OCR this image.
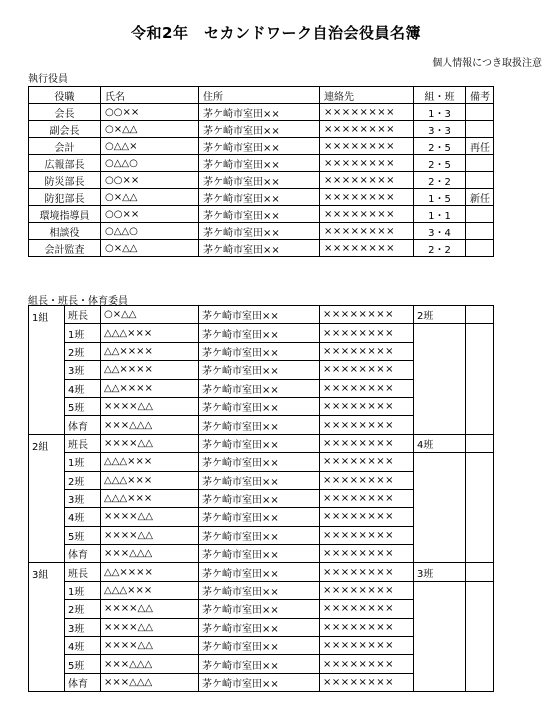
令和2年　セカンドワーク自治会役員名簿
個人情報につき取扱注意
執行役員
役職	氏名	住所	連絡先	組・班	備考
会長	○○××	茅ケ崎市室田××	××××××××	1・3	
副会長	○×△△	茅ケ崎市室田××	××××××××	3・3	
会計	○△△×	茅ケ崎市室田××	××××××××	2・5	再任
広報部長	○△△○	茅ケ崎市室田××	××××××××	2・5	
防災部長	○○××	茅ケ崎市室田××	××××××××	2・2	
防犯部長	○×△△	茅ケ崎市室田××	××××××××	1・5	新任
環境指導員	○○××	茅ケ崎市室田××	××××××××	1・1	
相談役	○△△○	茅ケ崎市室田××	××××××××	3・4	
会計監査	○×△△	茅ケ崎市室田××	××××××××	2・2	
組長・班長・体育委員
1組	班長	○×△△	茅ケ崎市室田××	××××××××	2班	
	1班	△△△×××	茅ケ崎市室田××	××××××××		
	2班	△△××××	茅ケ崎市室田××	××××××××		
	3班	△△××××	茅ケ崎市室田××	××××××××		
	4班	△△××××	茅ケ崎市室田××	××××××××		
	5班	××××△△	茅ケ崎市室田××	××××××××		
	体育	×××△△△	茅ケ崎市室田××	××××××××		
2組	班長	××××△△	茅ケ崎市室田××	××××××××	4班	
	1班	△△△×××	茅ケ崎市室田××	××××××××		
	2班	△△△×××	茅ケ崎市室田××	××××××××		
	3班	△△△×××	茅ケ崎市室田××	××××××××		
	4班	××××△△	茅ケ崎市室田××	××××××××		
	5班	××××△△	茅ケ崎市室田××	××××××××		
	体育	×××△△△	茅ケ崎市室田××	××××××××		
3組	班長	△△××××	茅ケ崎市室田××	××××××××	3班	
	1班	△△△×××	茅ケ崎市室田××	××××××××		
	2班	××××△△	茅ケ崎市室田××	××××××××		
	3班	××××△△	茅ケ崎市室田××	××××××××		
	4班	××××△△	茅ケ崎市室田××	××××××××		
	5班	×××△△△	茅ケ崎市室田××	××××××××		
	体育	×××△△△	茅ケ崎市室田××	××××××××		
